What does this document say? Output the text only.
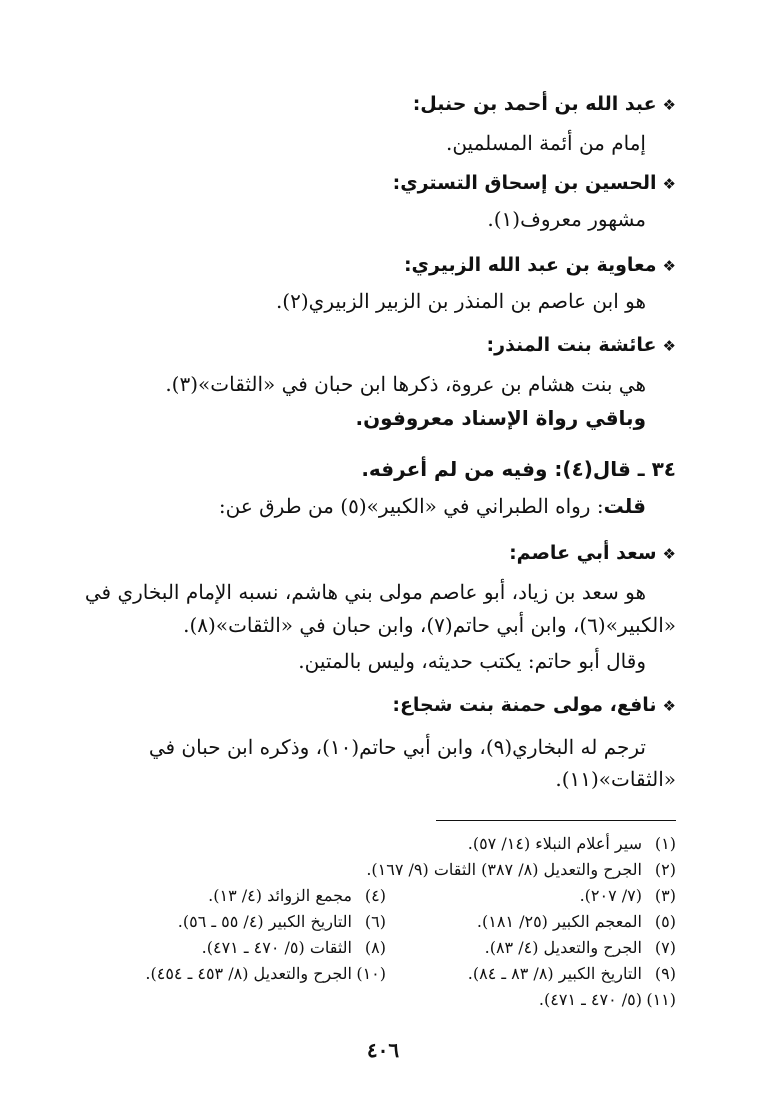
❖عبد الله بن أحمد بن حنبل:
إمام من أئمة المسلمين.
❖الحسين بن إسحاق التستري:
مشهور معروف(١).
❖معاوية بن عبد الله الزبيري:
هو ابن عاصم بن المنذر بن الزبير الزبيري(٢).
❖عائشة بنت المنذر:
هي بنت هشام بن عروة، ذكرها ابن حبان في «الثقات»(٣).
وباقي رواة الإسناد معروفون.
٣٤ ـ قال(٤): وفيه من لم أعرفه.
قلت: رواه الطبراني في «الكبير»(٥) من طرق عن:
❖سعد أبي عاصم:
هو سعد بن زياد، أبو عاصم مولى بني هاشم، نسبه الإمام البخاري في
«الكبير»(٦)، وابن أبي حاتم(٧)، وابن حبان في «الثقات»(٨).
وقال أبو حاتم: يكتب حديثه، وليس بالمتين.
❖نافع، مولى حمنة بنت شجاع:
ترجم له البخاري(٩)، وابن أبي حاتم(١٠)، وذكره ابن حبان في
«الثقات»(١١).
(١)سير أعلام النبلاء (١٤/ ٥٧).
(٢)الجرح والتعديل (٨/ ٣٨٧) الثقات (٩/ ١٦٧).
(٣)(٧/ ٢٠٧).
(٤)مجمع الزوائد (٤/ ١٣).
(٥)المعجم الكبير (٢٥/ ١٨١).
(٦)التاريخ الكبير (٤/ ٥٥ ـ ٥٦).
(٧)الجرح والتعديل (٤/ ٨٣).
(٨)الثقات (٥/ ٤٧٠ ـ ٤٧١).
(٩)التاريخ الكبير (٨/ ٨٣ ـ ٨٤).
(١٠)الجرح والتعديل (٨/ ٤٥٣ ـ ٤٥٤).
(١١)(٥/ ٤٧٠ ـ ٤٧١).
٤٠٦
